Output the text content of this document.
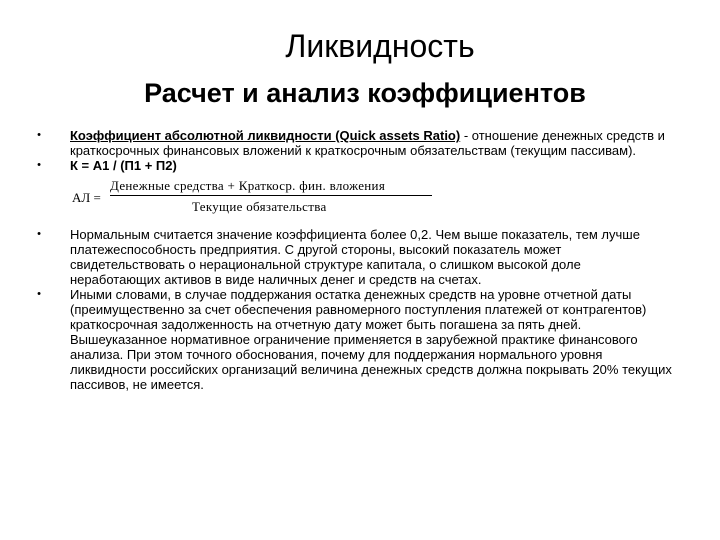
Ликвидность
Расчет и анализ коэффициентов
• Коэффициент абсолютной ликвидности (Quick assets Ratio) - отношение денежных средств и краткосрочных финансовых вложений к краткосрочным обязательствам (текущим пассивам).
• К = А1 / (П1 + П2)
АЛ =
Денежные средства + Краткоср. фин. вложения
Текущие обязательства
• Нормальным считается значение коэффициента более 0,2. Чем выше показатель, тем лучше платежеспособность предприятия. С другой стороны, высокий показатель может свидетельствовать о нерациональной структуре капитала, о слишком высокой доле неработающих активов в виде наличных денег и средств на счетах.
• Иными словами, в случае поддержания остатка денежных средств на уровне отчетной даты (преимущественно за счет обеспечения равномерного поступления платежей от контрагентов) краткосрочная задолженность на отчетную дату может быть погашена за пять дней. Вышеуказанное нормативное ограничение применяется в зарубежной практике финансового анализа. При этом точного обоснования, почему для поддержания нормального уровня ликвидности российских организаций величина денежных средств должна покрывать 20% текущих пассивов, не имеется.
